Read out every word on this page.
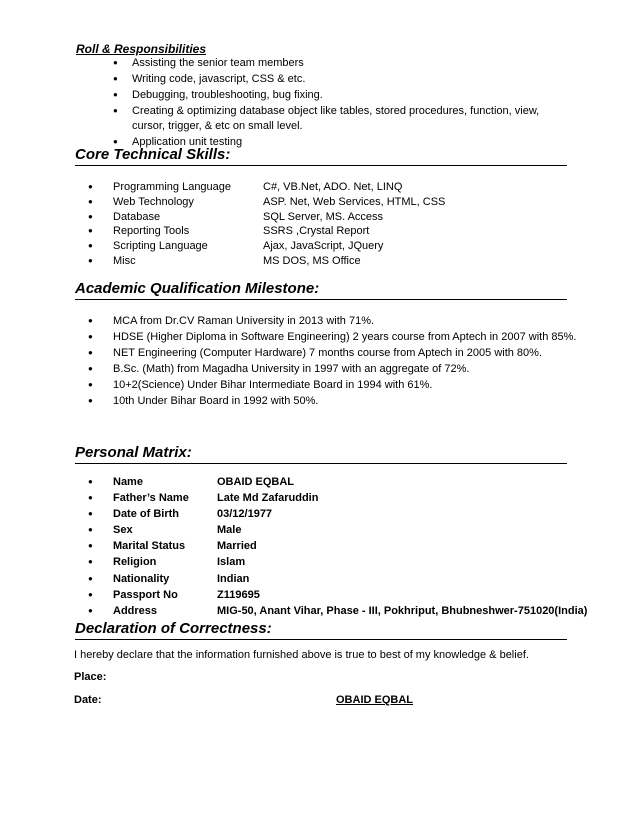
Roll & Responsibilities
● Assisting the senior team members
● Writing code, javascript, CSS & etc.
● Debugging, troubleshooting, bug fixing.
● Creating & optimizing database object like tables, stored procedures, function, view, cursor, trigger, & etc on small level.
● Application unit testing
Core Technical Skills:
● Programming Language	C#, VB.Net, ADO. Net, LINQ
● Web Technology	ASP. Net, Web Services, HTML, CSS
● Database	SQL Server, MS. Access
● Reporting Tools	SSRS ,Crystal Report
● Scripting Language	Ajax, JavaScript, JQuery
● Misc	MS DOS, MS Office
Academic Qualification Milestone:
● MCA from Dr.CV Raman University in 2013 with 71%.
● HDSE (Higher Diploma in Software Engineering) 2 years course from Aptech in 2007 with 85%.
● NET Engineering (Computer Hardware) 7 months course from Aptech in 2005 with 80%.
● B.Sc. (Math) from Magadha University in 1997 with an aggregate of 72%.
● 10+2(Science) Under Bihar Intermediate Board in 1994 with 61%.
● 10th Under Bihar Board in 1992 with 50%.
Personal Matrix:
● Name	OBAID EQBAL
● Father’s Name	Late Md Zafaruddin
● Date of Birth	03/12/1977
● Sex	Male
● Marital Status	Married
● Religion	Islam
● Nationality	Indian
● Passport No	Z119695
● Address	MIG-50, Anant Vihar, Phase - III, Pokhriput, Bhubneshwer-751020(India)
Declaration of Correctness:
I hereby declare that the information furnished above is true to best of my knowledge & belief.
Place:
Date:	OBAID EQBAL
